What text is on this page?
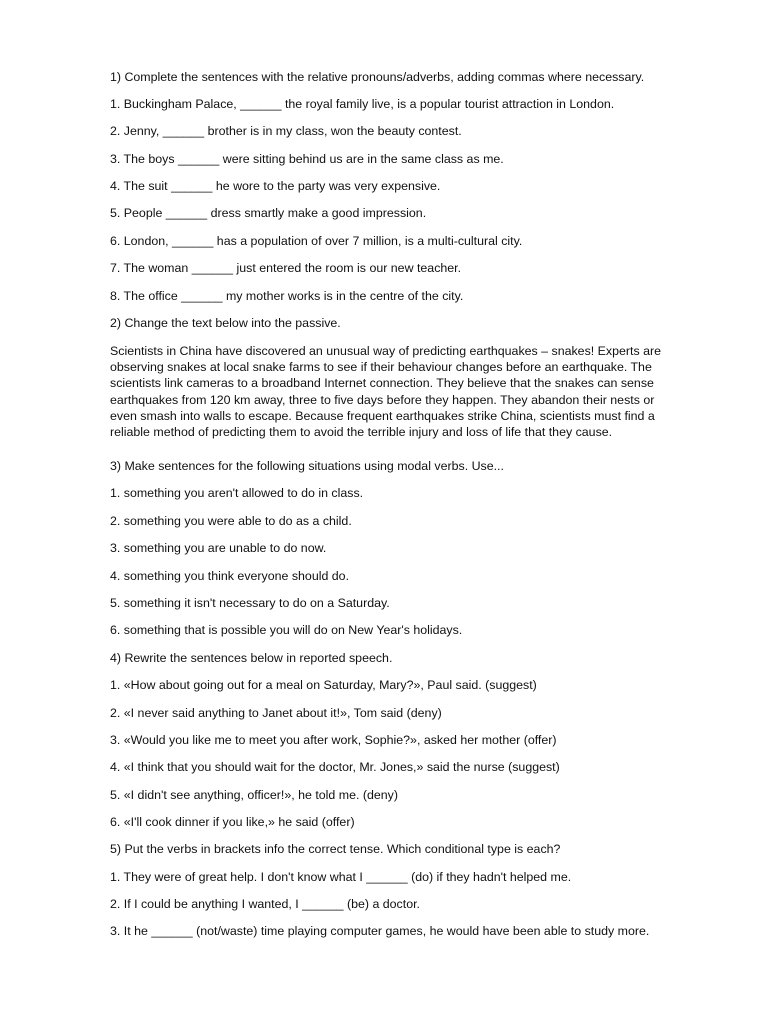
1) Complete the sentences with the relative pronouns/adverbs, adding commas where necessary.
1. Buckingham Palace, ______ the royal family live, is a popular tourist attraction in London.
2. Jenny, ______ brother is in my class, won the beauty contest.
3. The boys ______ were sitting behind us are in the same class as me.
4. The suit ______ he wore to the party was very expensive.
5. People ______ dress smartly make a good impression.
6. London, ______ has a population of over 7 million, is a multi-cultural city.
7. The woman ______ just entered the room is our new teacher.
8. The office ______ my mother works is in the centre of the city.
2) Change the text below into the passive.
Scientists in China have discovered an unusual way of predicting earthquakes – snakes! Experts are
observing snakes at local snake farms to see if their behaviour changes before an earthquake. The
scientists link cameras to a broadband Internet connection. They believe that the snakes can sense
earthquakes from 120 km away, three to five days before they happen. They abandon their nests or
even smash into walls to escape. Because frequent earthquakes strike China, scientists must find a
reliable method of predicting them to avoid the terrible injury and loss of life that they cause.
3) Make sentences for the following situations using modal verbs. Use...
1. something you aren't allowed to do in class.
2. something you were able to do as a child.
3. something you are unable to do now.
4. something you think everyone should do.
5. something it isn't necessary to do on a Saturday.
6. something that is possible you will do on New Year's holidays.
4) Rewrite the sentences below in reported speech.
1. «How about going out for a meal on Saturday, Mary?», Paul said. (suggest)
2. «I never said anything to Janet about it!», Tom said (deny)
3. «Would you like me to meet you after work, Sophie?», asked her mother (offer)
4. «I think that you should wait for the doctor, Mr. Jones,» said the nurse (suggest)
5. «I didn't see anything, officer!», he told me. (deny)
6. «I'll cook dinner if you like,» he said (offer)
5) Put the verbs in brackets info the correct tense. Which conditional type is each?
1. They were of great help. I don't know what I ______ (do) if they hadn't helped me.
2. If I could be anything I wanted, I ______ (be) a doctor.
3. It he ______ (not/waste) time playing computer games, he would have been able to study more.
